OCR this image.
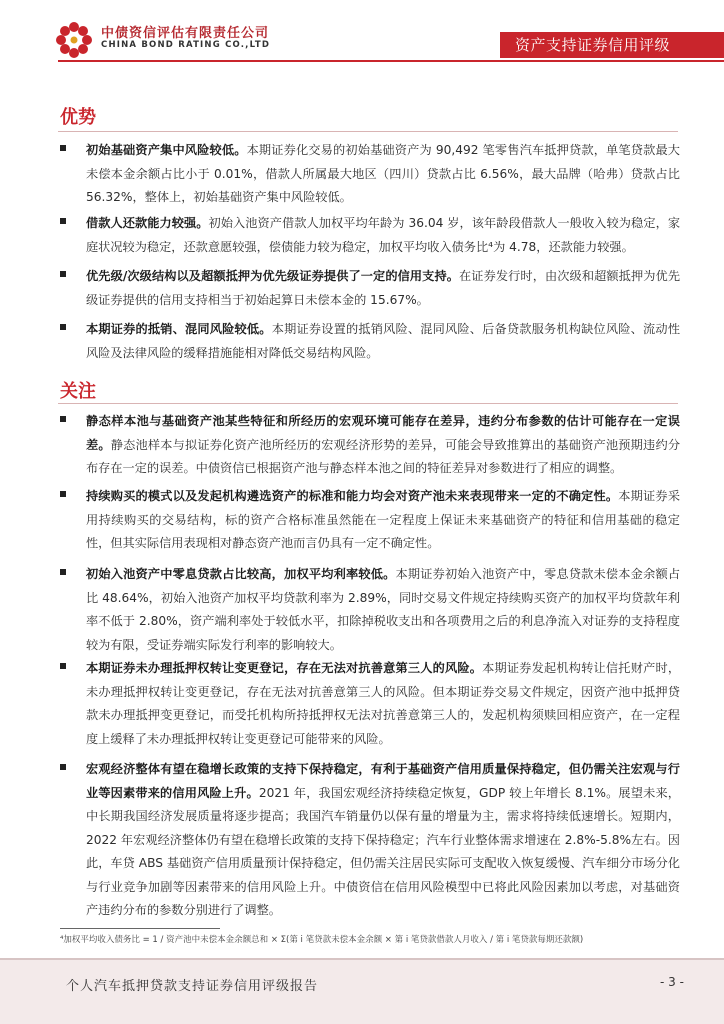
中债资信评估有限责任公司
CHINA BOND RATING CO.,LTD	资产支持证券信用评级
优势
初始基础资产集中风险较低。本期证券化交易的初始基础资产为 90,492 笔零售汽车抵押贷款，单笔贷款最大未偿本金余额占比小于 0.01%，借款人所属最大地区（四川）贷款占比 6.56%，最大品牌（哈弗）贷款占比 56.32%，整体上，初始基础资产集中风险较低。
借款人还款能力较强。初始入池资产借款人加权平均年龄为 36.04 岁，该年龄段借款人一般收入较为稳定，家庭状况较为稳定，还款意愿较强，偿债能力较为稳定，加权平均收入债务比⁴为 4.78，还款能力较强。
优先级/次级结构以及超额抵押为优先级证券提供了一定的信用支持。在证券发行时，由次级和超额抵押为优先级证券提供的信用支持相当于初始起算日未偿本金的 15.67%。
本期证券的抵销、混同风险较低。本期证券设置的抵销风险、混同风险、后备贷款服务机构缺位风险、流动性风险及法律风险的缓释措施能相对降低交易结构风险。
关注
静态样本池与基础资产池某些特征和所经历的宏观环境可能存在差异，违约分布参数的估计可能存在一定误差。静态池样本与拟证券化资产池所经历的宏观经济形势的差异，可能会导致推算出的基础资产池预期违约分布存在一定的误差。中债资信已根据资产池与静态样本池之间的特征差异对参数进行了相应的调整。
持续购买的模式以及发起机构遴选资产的标准和能力均会对资产池未来表现带来一定的不确定性。本期证券采用持续购买的交易结构，标的资产合格标准虽然能在一定程度上保证未来基础资产的特征和信用基础的稳定性，但其实际信用表现相对静态资产池而言仍具有一定不确定性。
初始入池资产中零息贷款占比较高，加权平均利率较低。本期证券初始入池资产中，零息贷款未偿本金余额占比 48.64%，初始入池资产加权平均贷款利率为 2.89%，同时交易文件规定持续购买资产的加权平均贷款年利率不低于 2.80%，资产端利率处于较低水平，扣除掉税收支出和各项费用之后的利息净流入对证券的支持程度较为有限，受证券端实际发行利率的影响较大。
本期证券未办理抵押权转让变更登记，存在无法对抗善意第三人的风险。本期证券发起机构转让信托财产时，未办理抵押权转让变更登记，存在无法对抗善意第三人的风险。但本期证券交易文件规定，因资产池中抵押贷款未办理抵押变更登记，而受托机构所持抵押权无法对抗善意第三人的，发起机构须赎回相应资产，在一定程度上缓释了未办理抵押权转让变更登记可能带来的风险。
宏观经济整体有望在稳增长政策的支持下保持稳定，有利于基础资产信用质量保持稳定，但仍需关注宏观与行业等因素带来的信用风险上升。2021 年，我国宏观经济持续稳定恢复，GDP 较上年增长 8.1%。展望未来，中长期我国经济发展质量将逐步提高；我国汽车销量仍以保有量的增量为主，需求将持续低速增长。短期内，2022 年宏观经济整体仍有望在稳增长政策的支持下保持稳定；汽车行业整体需求增速在 2.8%-5.8%左右。因此，车贷 ABS 基础资产信用质量预计保持稳定，但仍需关注居民实际可支配收入恢复缓慢、汽车细分市场分化与行业竞争加剧等因素带来的信用风险上升。中债资信在信用风险模型中已将此风险因素加以考虑，对基础资产违约分布的参数分别进行了调整。
⁴加权平均收入债务比 = 1 / 资产池中未偿本金余额总和 × Σ(第 i 笔贷款未偿本金余额 × 第 i 笔贷款借款人月收入 / 第 i 笔贷款每期还款额)
个人汽车抵押贷款支持证券信用评级报告	- 3 -
